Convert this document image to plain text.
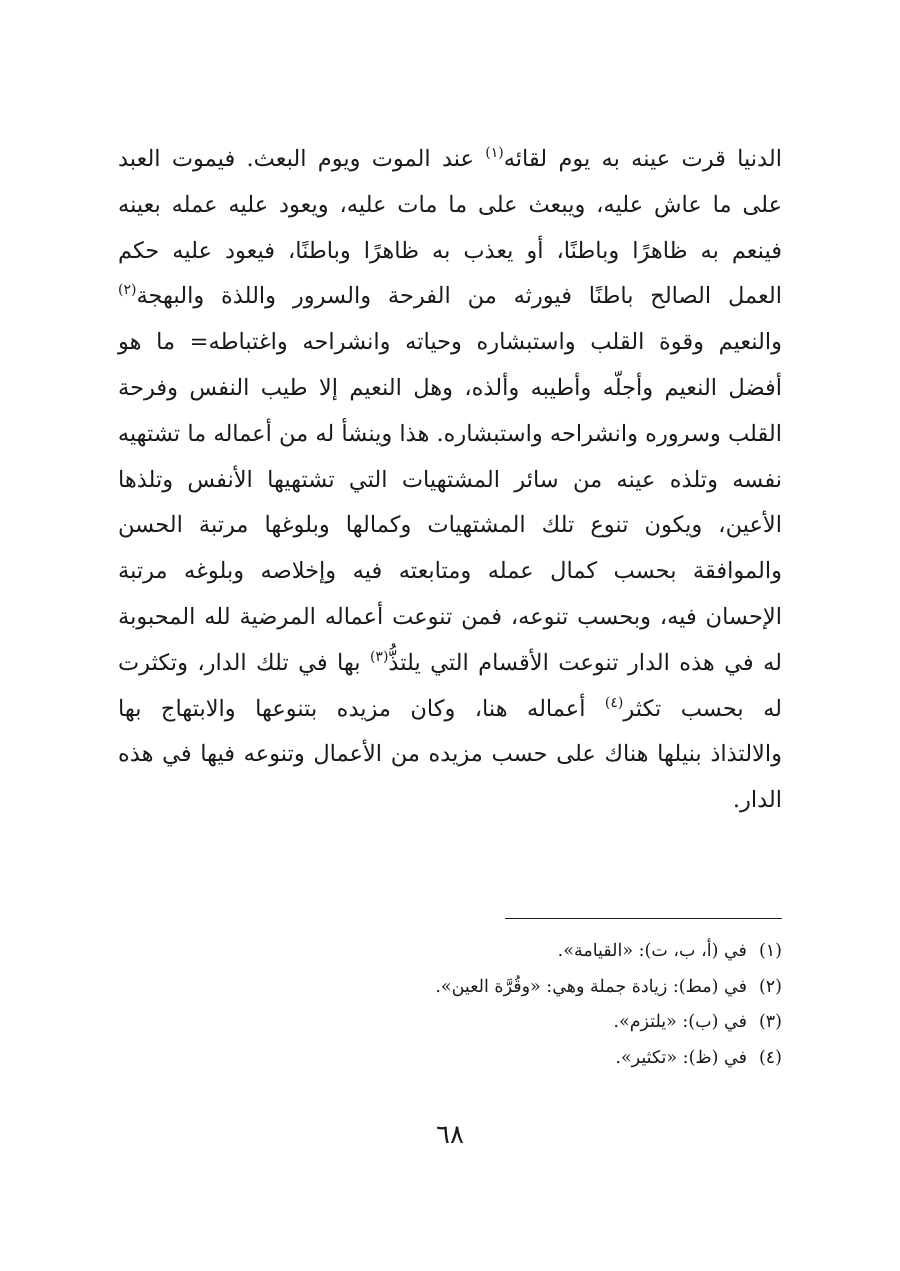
الدنيا قرت عينه به يوم لقائه$^{(١)}$ عند الموت ويوم البعث. فيموت العبد
على ما عاش عليه، ويبعث على ما مات عليه، ويعود عليه عمله بعينه
فينعم به ظاهرًا وباطنًا، أو يعذب به ظاهرًا وباطنًا، فيعود عليه حكم
العمل الصالح باطنًا فيورثه من الفرحة والسرور واللذة والبهجة$^{(٢)}$
والنعيم وقوة القلب واستبشاره وحياته وانشراحه واغتباطه= ما هو
أفضل النعيم وأجلّه وأطيبه وألذه، وهل النعيم إلا طيب النفس وفرحة
القلب وسروره وانشراحه واستبشاره. هذا وينشأ له من أعماله ما تشتهيه
نفسه وتلذه عينه من سائر المشتهيات التي تشتهيها الأنفس وتلذها
الأعين، ويكون تنوع تلك المشتهيات وكمالها وبلوغها مرتبة الحسن
والموافقة بحسب كمال عمله ومتابعته فيه وإخلاصه وبلوغه مرتبة
الإحسان فيه، وبحسب تنوعه، فمن تنوعت أعماله المرضية لله المحبوبة
له في هذه الدار تنوعت الأقسام التي يلتذُّ$^{(٣)}$ بها في تلك الدار، وتكثرت
له بحسب تكثر$^{(٤)}$ أعماله هنا، وكان مزيده بتنوعها والابتهاج بها
والالتذاذ بنيلها هناك على حسب مزيده من الأعمال وتنوعه فيها في هذه
الدار.
(١)في (أ، ب، ت): «القيامة».
(٢)في (مط): زيادة جملة وهي: «وقُرَّة العين».
(٣)في (ب): «يلتزم».
(٤)في (ظ): «تكثير».
٦٨
